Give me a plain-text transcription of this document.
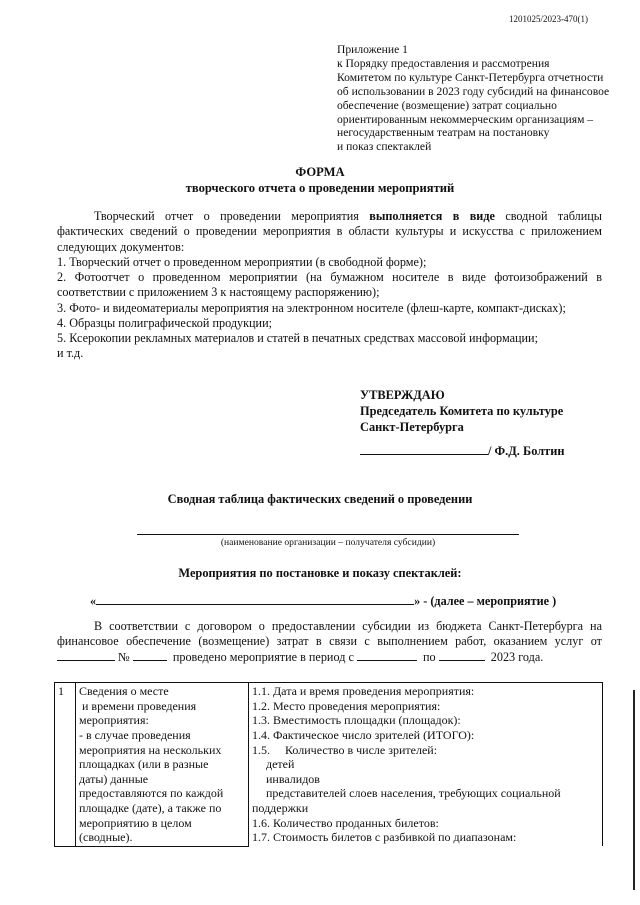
1201025/2023-470(1)
Приложение 1
к Порядку предоставления и рассмотрения
Комитетом по культуре Санкт-Петербурга отчетности
об использовании в 2023 году субсидий на финансовое
обеспечение (возмещение) затрат социально
ориентированным некоммерческим организациям –
негосударственным театрам на постановку
и показ спектаклей
ФОРМА
творческого отчета о проведении мероприятий

Творческий отчет о проведении мероприятия выполняется в виде сводной таблицы фактических сведений о проведении мероприятия в области культуры и искусства с приложением следующих документов:

1. Творческий отчет о проведенном мероприятии (в свободной форме);
2. Фотоотчет о проведенном мероприятии (на бумажном носителе в виде фотоизображений в соответствии с приложением 3 к настоящему распоряжению);
3. Фото- и видеоматериалы мероприятия на электронном носителе (флеш-карте, компакт-дисках);
4. Образцы полиграфической продукции;
5. Ксерокопии рекламных материалов и статей в печатных средствах массовой информации;

и т.д.

УТВЕРЖДАЮ
Председатель Комитета по культуре
Санкт-Петербурга
/ Ф.Д. Болтин
Сводная таблица фактических сведений о проведении
(наименование организации – получателя субсидии)
Мероприятия по постановке и показу спектаклей:
«	» - (далее – мероприятие )

В соответствии с договором о предоставлении субсидии из бюджета Санкт-Петербурга на финансовое обеспечение (возмещение) затрат в связи с выполнением работ, оказанием услуг от  №	проведено мероприятие в период с	по	2023 года.

1	Сведения о месте
и времени проведения
мероприятия:
- в случае проведения
мероприятия на нескольких
площадках (или в разные
даты) данные
предоставляются по каждой
площадке (дате), а также по
мероприятию в целом
(сводные).

1.1. Дата и время проведения мероприятия:
1.2. Место проведения мероприятия:
1.3. Вместимость площадки (площадок):
1.4. Фактическое число зрителей (ИТОГО):
1.5.     Количество в числе зрителей:
детей
инвалидов
представителей слоев населения, требующих социальной
поддержки
1.6. Количество проданных билетов:
1.7. Стоимость билетов с разбивкой по диапазонам:
